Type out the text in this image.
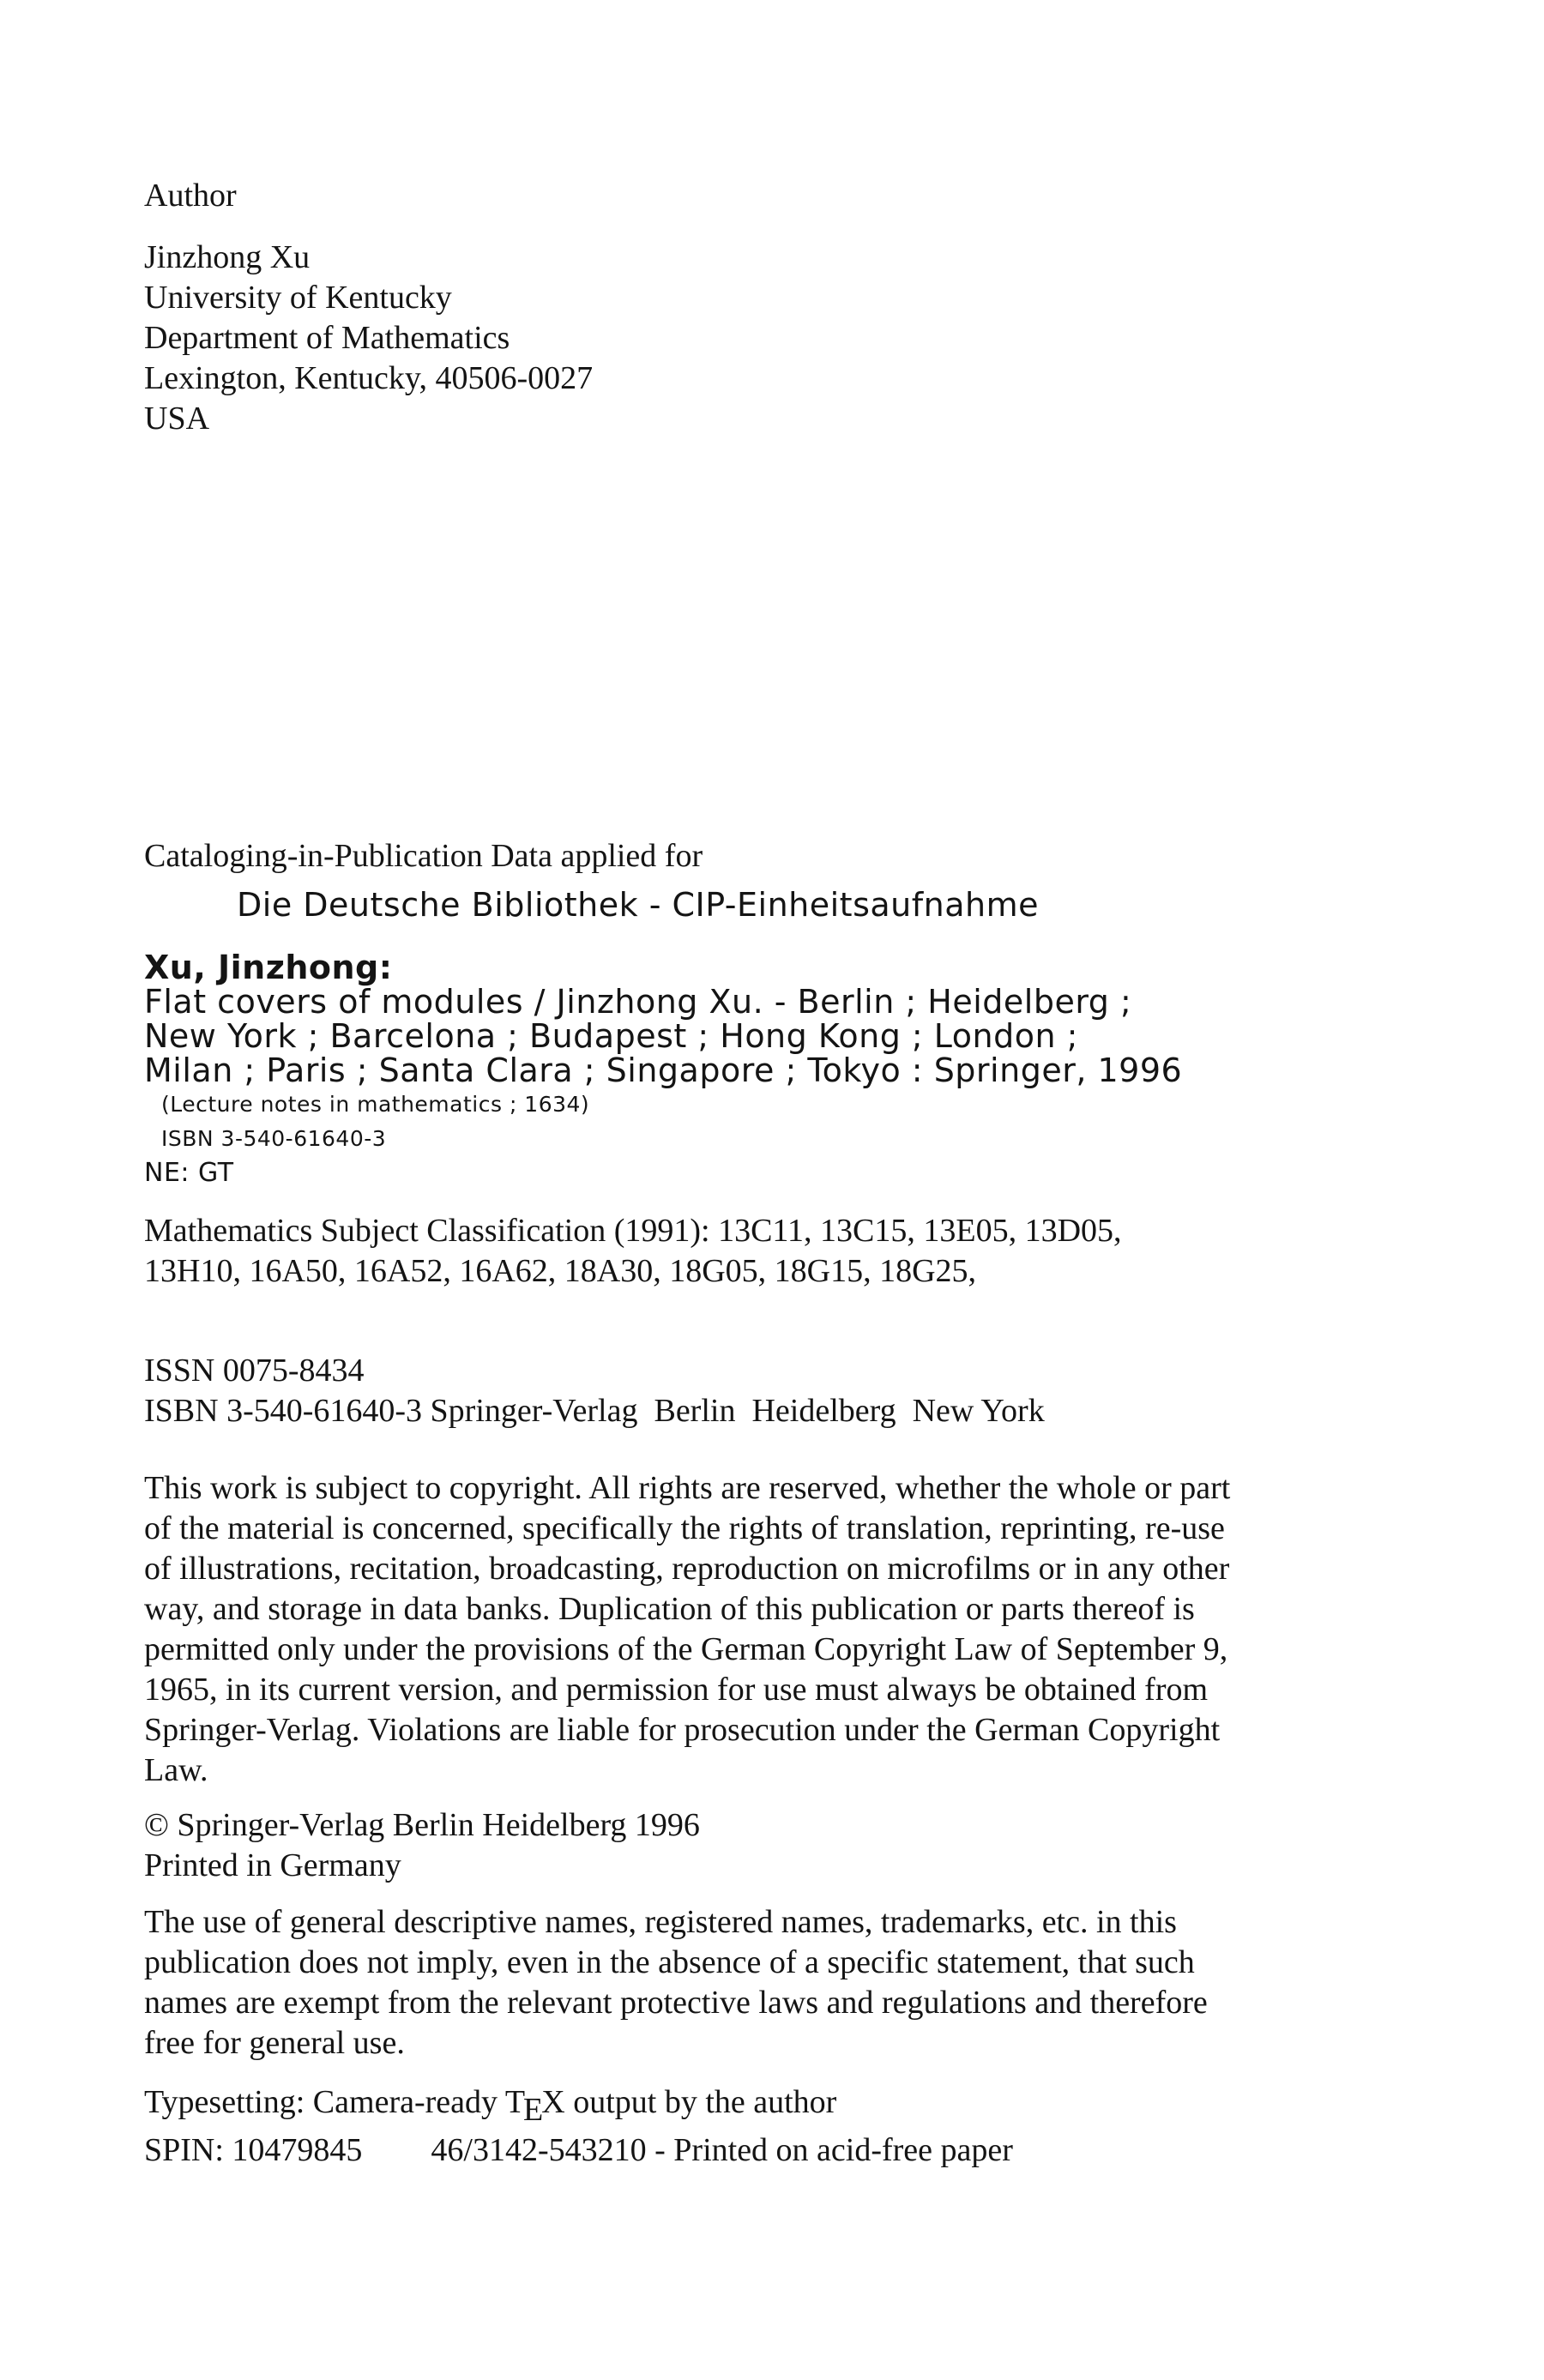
Author
Jinzhong Xu
University of Kentucky
Department of Mathematics
Lexington, Kentucky, 40506-0027
USA
Cataloging-in-Publication Data applied for
Die Deutsche Bibliothek - CIP-Einheitsaufnahme
Xu, Jinzhong:
Flat covers of modules / Jinzhong Xu. - Berlin ; Heidelberg ;
New York ; Barcelona ; Budapest ; Hong Kong ; London ;
Milan ; Paris ; Santa Clara ; Singapore ; Tokyo : Springer, 1996
(Lecture notes in mathematics ; 1634)
ISBN 3-540-61640-3
NE: GT
Mathematics Subject Classification (1991): 13C11, 13C15, 13E05, 13D05,
13H10, 16A50, 16A52, 16A62, 18A30, 18G05, 18G15, 18G25,
ISSN 0075-8434
ISBN 3-540-61640-3 Springer-Verlag  Berlin  Heidelberg  New York
This work is subject to copyright. All rights are reserved, whether the whole or part
of the material is concerned, specifically the rights of translation, reprinting, re-use
of illustrations, recitation, broadcasting, reproduction on microfilms or in any other
way, and storage in data banks. Duplication of this publication or parts thereof is
permitted only under the provisions of the German Copyright Law of September 9,
1965, in its current version, and permission for use must always be obtained from
Springer-Verlag. Violations are liable for prosecution under the German Copyright
Law.
© Springer-Verlag Berlin Heidelberg 1996
Printed in Germany
The use of general descriptive names, registered names, trademarks, etc. in this
publication does not imply, even in the absence of a specific statement, that such
names are exempt from the relevant protective laws and regulations and therefore
free for general use.
Typesetting: Camera-ready TEX output by the author
SPIN: 10479845 46/3142-543210 - Printed on acid-free paper
